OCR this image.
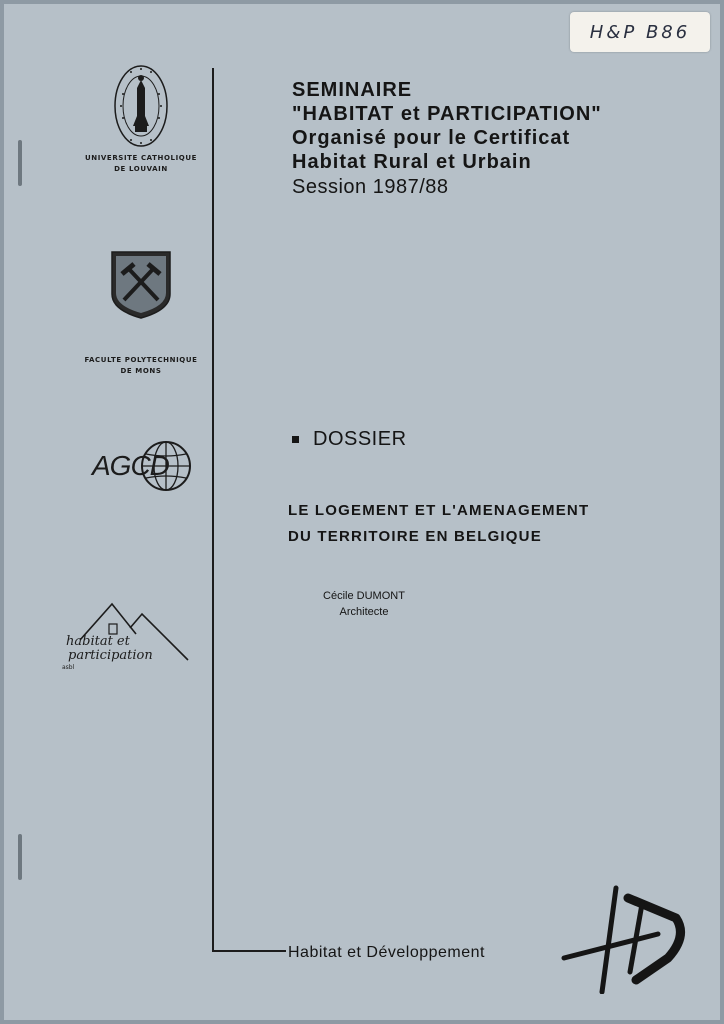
H&P B86
UNIVERSITE CATHOLIQUE
DE LOUVAIN
FACULTE POLYTECHNIQUE
DE MONS
AGCD
habitat et
participation
asbl
SEMINAIRE
"HABITAT et PARTICIPATION"
Organisé pour le Certificat
Habitat Rural et Urbain
Session 1987/88
DOSSIER
LE LOGEMENT ET L'AMENAGEMENT
DU TERRITOIRE EN BELGIQUE
Cécile DUMONT
Architecte
Habitat et Développement
